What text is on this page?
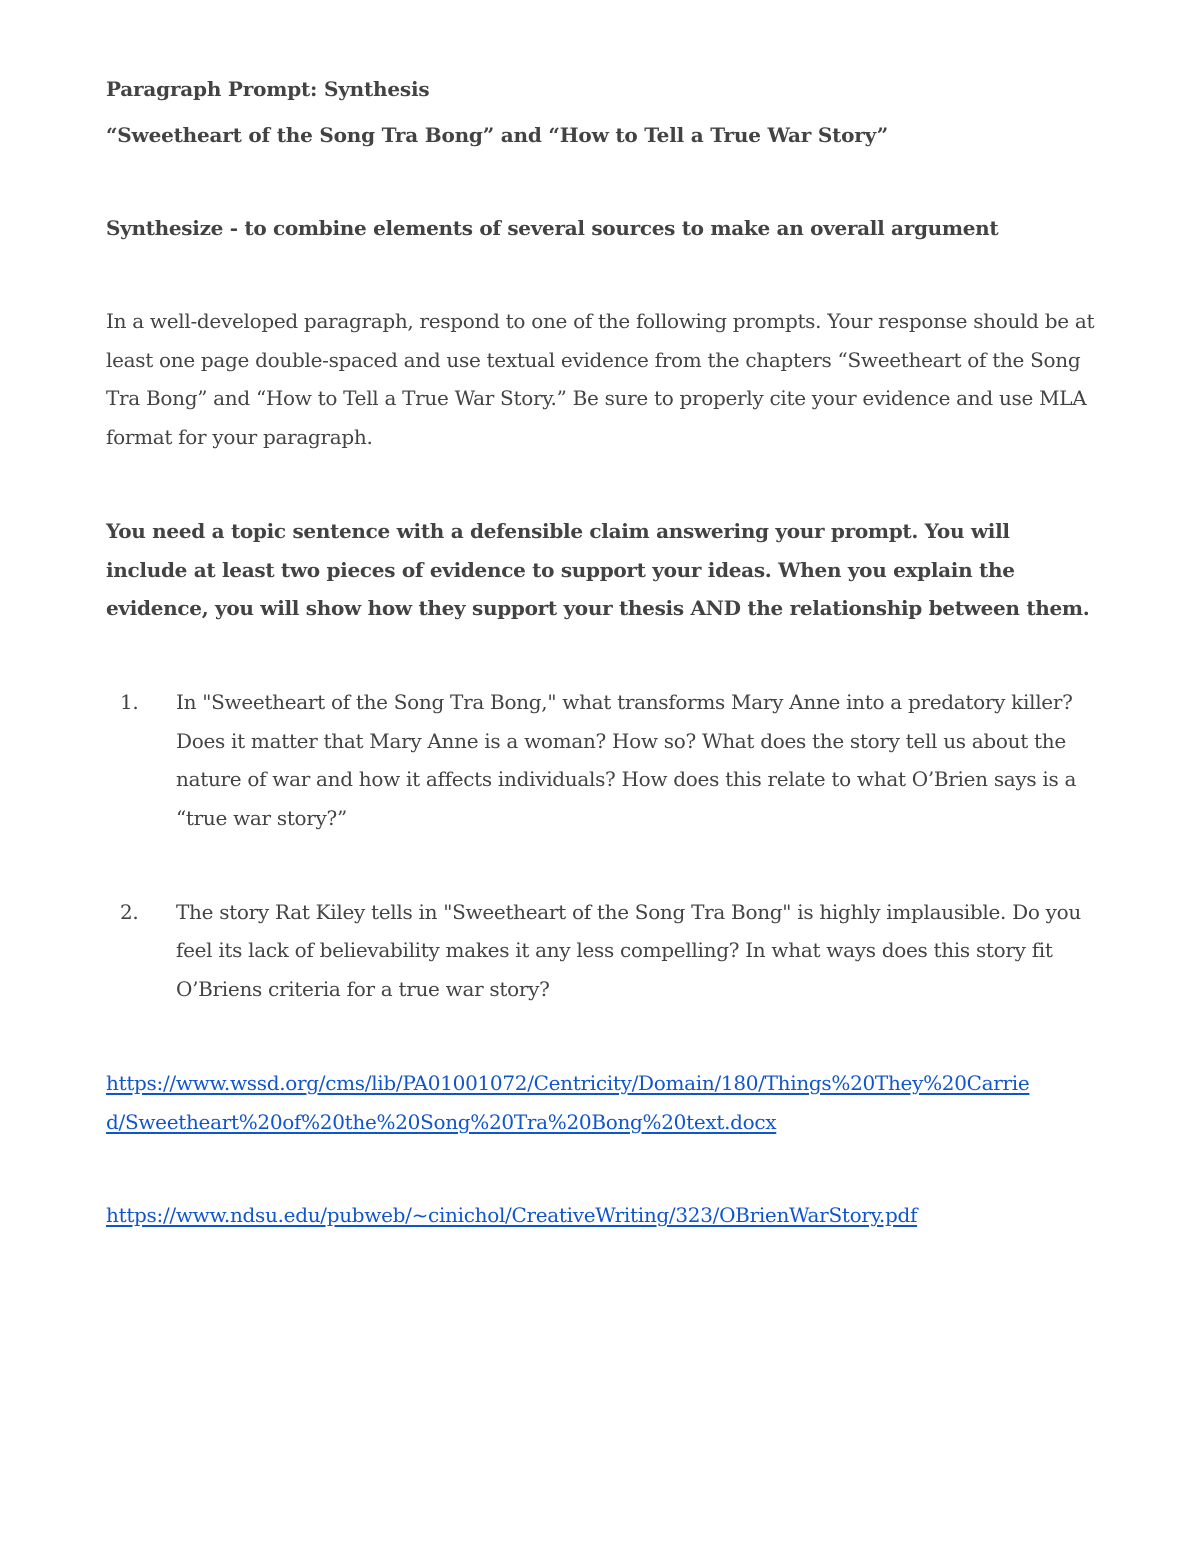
Paragraph Prompt: Synthesis

“Sweetheart of the Song Tra Bong” and “How to Tell a True War Story”

Synthesize - to combine elements of several sources to make an overall argument

In a well-developed paragraph, respond to one of the following prompts. Your response should be at least one page double-spaced and use textual evidence from the chapters “Sweetheart of the Song Tra Bong” and “How to Tell a True War Story.” Be sure to properly cite your evidence and use MLA format for your paragraph.

You need a topic sentence with a defensible claim answering your prompt. You will include at least two pieces of evidence to support your ideas. When you explain the evidence, you will show how they support your thesis AND the relationship between them.

1. In "Sweetheart of the Song Tra Bong," what transforms Mary Anne into a predatory killer? Does it matter that Mary Anne is a woman? How so? What does the story tell us about the nature of war and how it affects individuals? How does this relate to what O’Brien says is a “true war story?”
2. The story Rat Kiley tells in "Sweetheart of the Song Tra Bong" is highly implausible. Do you feel its lack of believability makes it any less compelling? In what ways does this story fit O’Briens criteria for a true war story?
https://www.wssd.org/cms/lib/PA01001072/Centricity/Domain/180/Things%20They%20Carried/Sweetheart%20of%20the%20Song%20Tra%20Bong%20text.docx
https://www.ndsu.edu/pubweb/~cinichol/CreativeWriting/323/OBrienWarStory.pdf
